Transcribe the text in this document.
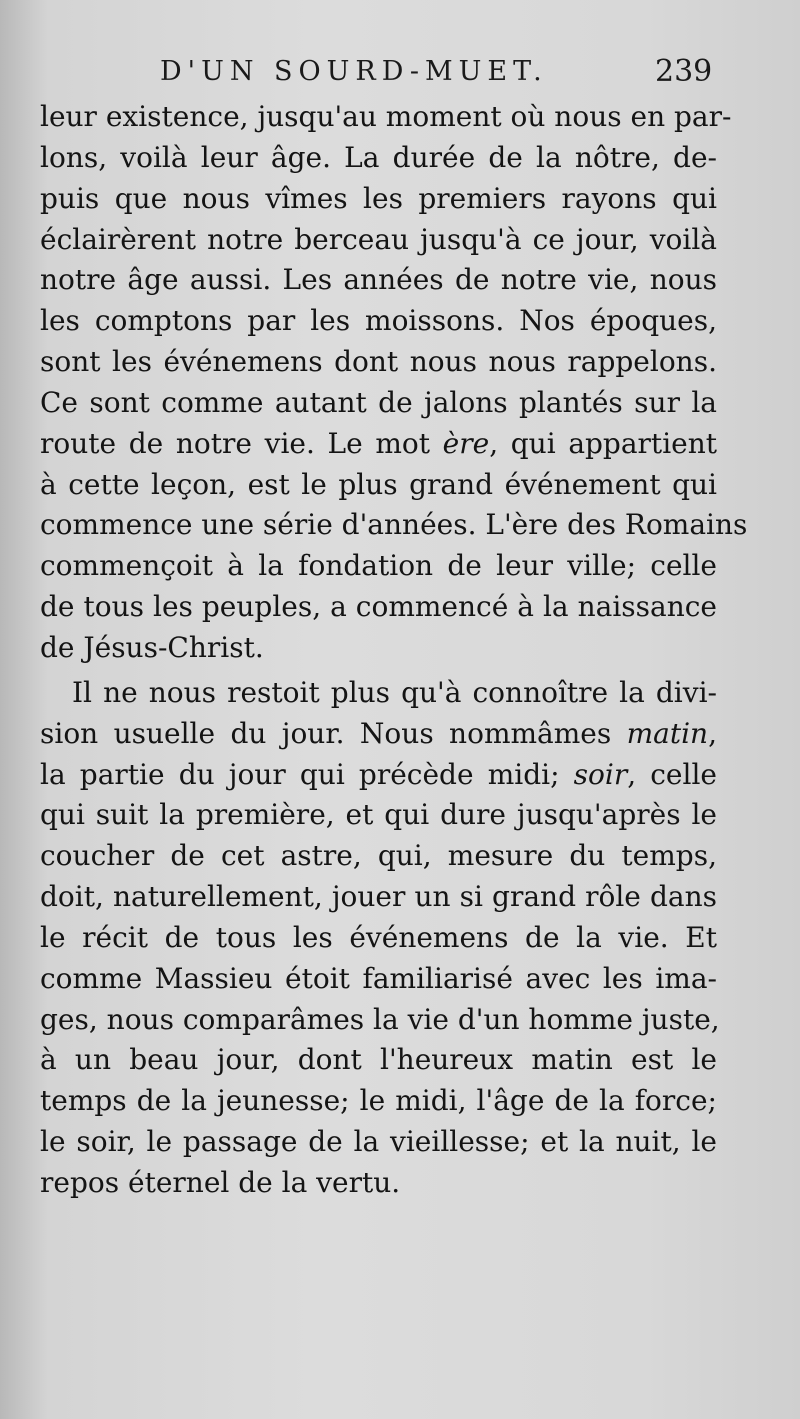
D'UN SOURD-MUET.	239
leur existence, jusqu'au moment où nous en par-
lons, voilà leur âge. La durée de la nôtre, de-
puis que nous vîmes les premiers rayons qui
éclairèrent notre berceau jusqu'à ce jour, voilà
notre âge aussi. Les années de notre vie, nous
les comptons par les moissons. Nos époques,
sont les événemens dont nous nous rappelons.
Ce sont comme autant de jalons plantés sur la
route de notre vie. Le mot ère, qui appartient
à cette leçon, est le plus grand événement qui
commence une série d'années. L'ère des Romains
commençoit à la fondation de leur ville; celle
de tous les peuples, a commencé à la naissance
de Jésus-Christ.
Il ne nous restoit plus qu'à connoître la divi-
sion usuelle du jour. Nous nommâmes matin,
la partie du jour qui précède midi; soir, celle
qui suit la première, et qui dure jusqu'après le
coucher de cet astre, qui, mesure du temps,
doit, naturellement, jouer un si grand rôle dans
le récit de tous les événemens de la vie. Et
comme Massieu étoit familiarisé avec les ima-
ges, nous comparâmes la vie d'un homme juste,
à un beau jour, dont l'heureux matin est le
temps de la jeunesse; le midi, l'âge de la force;
le soir, le passage de la vieillesse; et la nuit, le
repos éternel de la vertu.
